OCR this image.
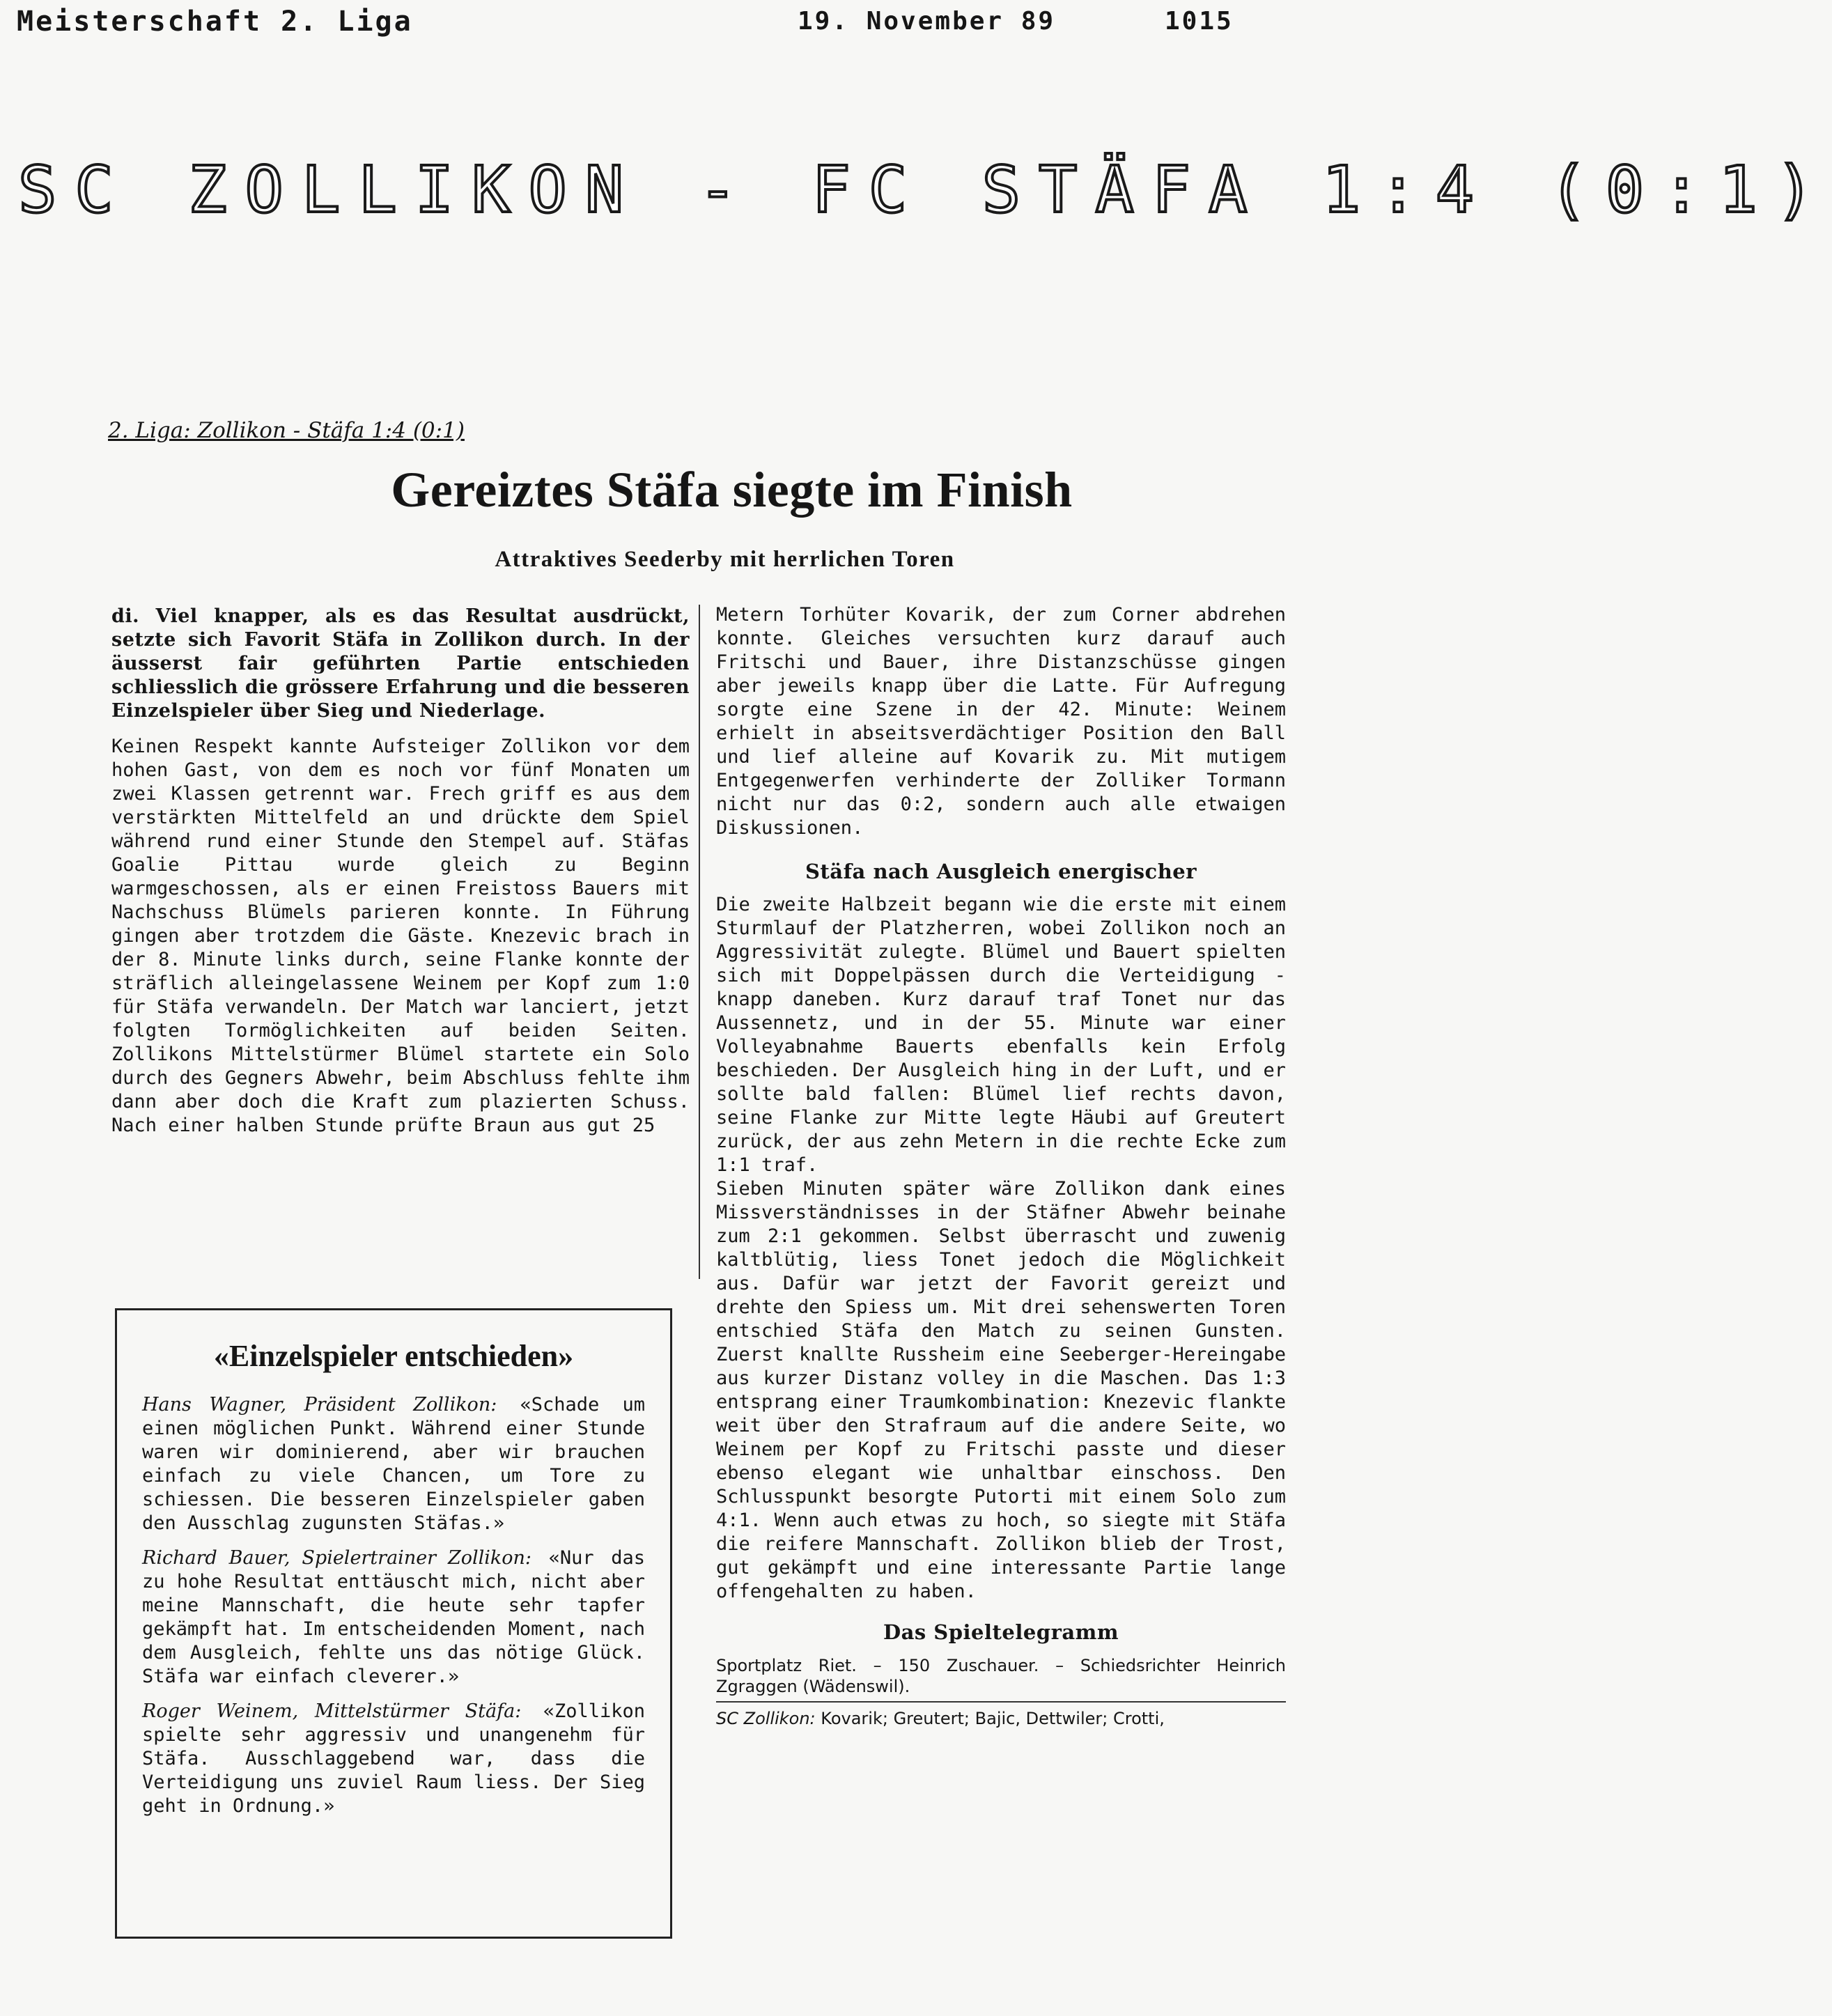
Meisterschaft 2. Liga	19. November 89	1015
SC ZOLLIKON - FC STÄFA 1:4 (0:1)
2. Liga: Zollikon - Stäfa 1:4 (0:1)
Gereiztes Stäfa siegte im Finish
Attraktives Seederby mit herrlichen Toren

di. Viel knapper, als es das Resultat ausdrückt, setzte sich Favorit Stäfa in Zollikon durch. In der äusserst fair geführten Partie entschieden schliesslich die grössere Erfahrung und die besseren Einzelspieler über Sieg und Niederlage.

Keinen Respekt kannte Aufsteiger Zollikon vor dem hohen Gast, von dem es noch vor fünf Monaten um zwei Klassen getrennt war. Frech griff es aus dem verstärkten Mittelfeld an und drückte dem Spiel während rund einer Stunde den Stempel auf. Stäfas Goalie Pittau wurde gleich zu Beginn warmgeschossen, als er einen Freistoss Bauers mit Nachschuss Blümels parieren konnte. In Führung gingen aber trotzdem die Gäste. Knezevic brach in der 8. Minute links durch, seine Flanke konnte der sträflich alleingelassene Weinem per Kopf zum 1:0 für Stäfa verwandeln. Der Match war lanciert, jetzt folgten Tormöglichkeiten auf beiden Seiten. Zollikons Mittelstürmer Blümel startete ein Solo durch des Gegners Abwehr, beim Abschluss fehlte ihm dann aber doch die Kraft zum plazierten Schuss. Nach einer halben Stunde prüfte Braun aus gut 25

Metern Torhüter Kovarik, der zum Corner abdrehen konnte. Gleiches versuchten kurz darauf auch Fritschi und Bauer, ihre Distanzschüsse gingen aber jeweils knapp über die Latte. Für Aufregung sorgte eine Szene in der 42. Minute: Weinem erhielt in abseitsverdächtiger Position den Ball und lief alleine auf Kovarik zu. Mit mutigem Entgegenwerfen verhinderte der Zolliker Tormann nicht nur das 0:2, sondern auch alle etwaigen Diskussionen.

Stäfa nach Ausgleich energischer

Die zweite Halbzeit begann wie die erste mit einem Sturmlauf der Platzherren, wobei Zollikon noch an Aggressivität zulegte. Blümel und Bauert spielten sich mit Doppelpässen durch die Verteidigung - knapp daneben. Kurz darauf traf Tonet nur das Aussennetz, und in der 55. Minute war einer Volleyabnahme Bauerts ebenfalls kein Erfolg beschieden. Der Ausgleich hing in der Luft, und er sollte bald fallen: Blümel lief rechts davon, seine Flanke zur Mitte legte Häubi auf Greutert zurück, der aus zehn Metern in die rechte Ecke zum 1:1 traf.

Sieben Minuten später wäre Zollikon dank eines Missverständnisses in der Stäfner Abwehr beinahe zum 2:1 gekommen. Selbst überrascht und zuwenig kaltblütig, liess Tonet jedoch die Möglichkeit aus. Dafür war jetzt der Favorit gereizt und drehte den Spiess um. Mit drei sehenswerten Toren entschied Stäfa den Match zu seinen Gunsten. Zuerst knallte Russheim eine Seeberger-Hereingabe aus kurzer Distanz volley in die Maschen. Das 1:3 entsprang einer Traumkombination: Knezevic flankte weit über den Strafraum auf die andere Seite, wo Weinem per Kopf zu Fritschi passte und dieser ebenso elegant wie unhaltbar einschoss. Den Schlusspunkt besorgte Putorti mit einem Solo zum 4:1. Wenn auch etwas zu hoch, so siegte mit Stäfa die reifere Mannschaft. Zollikon blieb der Trost, gut gekämpft und eine interessante Partie lange offengehalten zu haben.

Das Spieltelegramm

Sportplatz Riet. – 150 Zuschauer. – Schiedsrichter Heinrich Zgraggen (Wädenswil).

SC Zollikon: Kovarik; Greutert; Bajic, Dettwiler; Crotti,

«Einzelspieler entschieden»

Hans Wagner, Präsident Zollikon: «Schade um einen möglichen Punkt. Während einer Stunde waren wir dominierend, aber wir brauchen einfach zu viele Chancen, um Tore zu schiessen. Die besseren Einzelspieler gaben den Ausschlag zugunsten Stäfas.»

Richard Bauer, Spielertrainer Zollikon: «Nur das zu hohe Resultat enttäuscht mich, nicht aber meine Mannschaft, die heute sehr tapfer gekämpft hat. Im entscheidenden Moment, nach dem Ausgleich, fehlte uns das nötige Glück. Stäfa war einfach cleverer.»

Roger Weinem, Mittelstürmer Stäfa: «Zollikon spielte sehr aggressiv und unangenehm für Stäfa. Ausschlaggebend war, dass die Verteidigung uns zuviel Raum liess. Der Sieg geht in Ordnung.»
